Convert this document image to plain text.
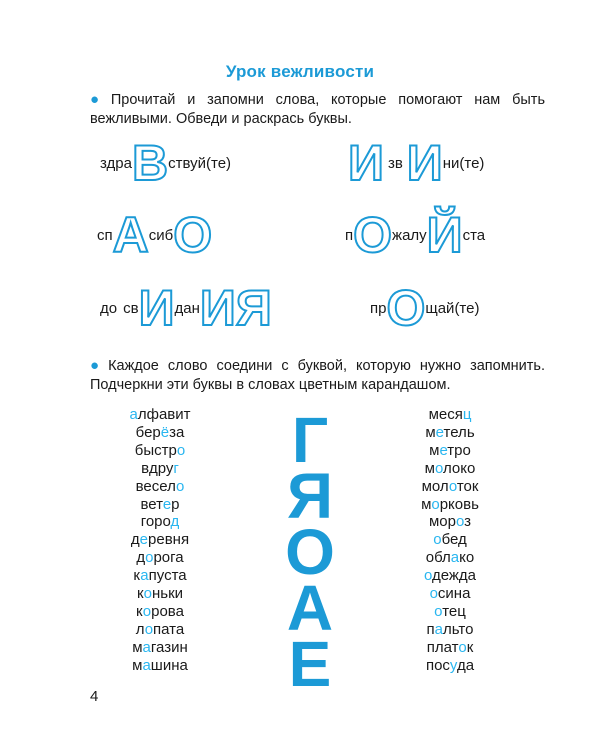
Урок вежливости
● Прочитай и запомни слова, которые помогают нам быть вежливыми. Обведи и раскрась буквы.
здра В ствуй(те) И зв И ни(те)
сп А сиб О	п О жалу Й ста
до св И дан ИЯ	пр О щай(те)
● Каждое слово соедини с буквой, которую нужно запомнить. Подчеркни эти буквы в словах цветным карандашом.
алфавит
берёза
быстро
вдруг
весело
ветер
город
деревня
дорога
капуста
коньки
корова
лопата
магазин
машина
Г
Я
О
А
Е
месяц
метель
метро
молоко
молоток
морковь
мороз
обед
облако
одежда
осина
отец
пальто
платок
посуда
4
